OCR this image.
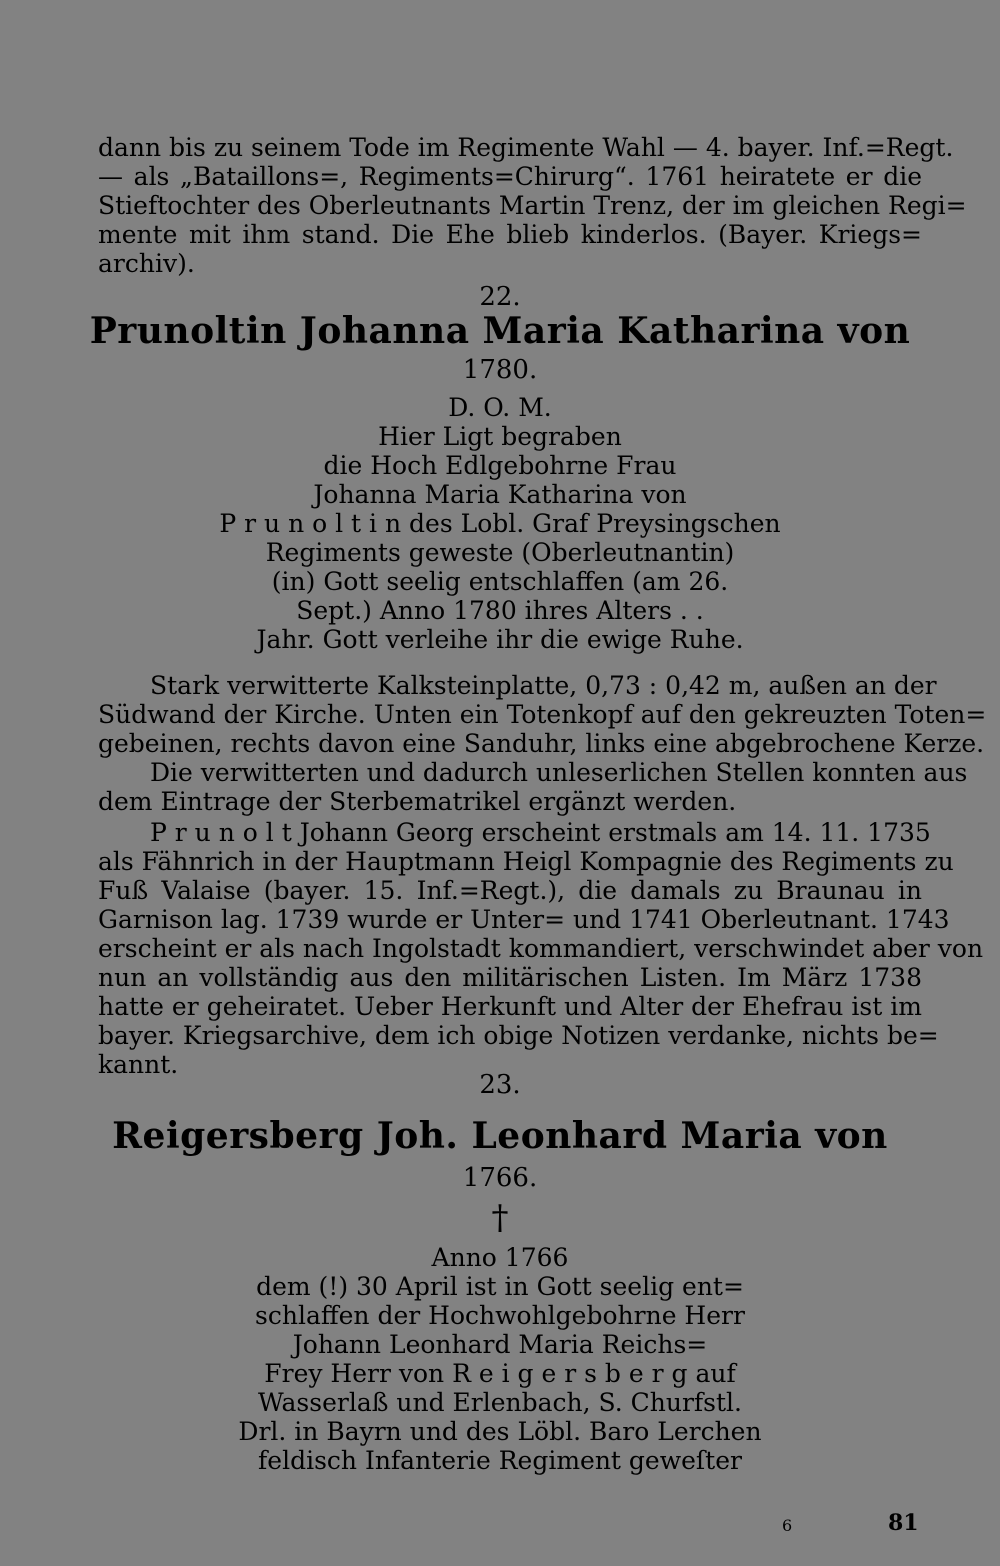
dann bis zu seinem Tode im Regimente Wahl — 4. bayer. Inf.=Regt.
— als „Bataillons=, Regiments=Chirurg“. 1761 heiratete er die
Stieftochter des Oberleutnants Martin Trenz, der im gleichen Regi=
mente mit ihm stand. Die Ehe blieb kinderlos. (Bayer. Kriegs=
archiv).
22.
Prunoltin Johanna Maria Katharina von
1780.
D. O. M.
Hier Ligt begraben
die Hoch Edlgebohrne Frau
Johanna Maria Katharina von
P r u n o l t i n des Lobl. Graf Preysingschen
Regiments geweste (Oberleutnantin)
(in) Gott seelig entschlaffen (am 26.
Sept.) Anno 1780 ihres Alters . .
Jahr. Gott verleihe ihr die ewige Ruhe.
Stark verwitterte Kalksteinplatte, 0,73 : 0,42 m, außen an der
Südwand der Kirche. Unten ein Totenkopf auf den gekreuzten Toten=
gebeinen, rechts davon eine Sanduhr, links eine abgebrochene Kerze.
Die verwitterten und dadurch unleserlichen Stellen konnten aus
dem Eintrage der Sterbematrikel ergänzt werden.
P r u n o l t Johann Georg erscheint erstmals am 14. 11. 1735
als Fähnrich in der Hauptmann Heigl Kompagnie des Regiments zu
Fuß Valaise (bayer. 15. Inf.=Regt.), die damals zu Braunau in
Garnison lag. 1739 wurde er Unter= und 1741 Oberleutnant. 1743
erscheint er als nach Ingolstadt kommandiert, verschwindet aber von
nun an vollständig aus den militärischen Listen. Im März 1738
hatte er geheiratet. Ueber Herkunft und Alter der Ehefrau ist im
bayer. Kriegsarchive, dem ich obige Notizen verdanke, nichts be=
kannt.
23.
Reigersberg Joh. Leonhard Maria von
1766.
†
Anno 1766
dem (!) 30 April ist in Gott seelig ent=
schlaffen der Hochwohlgebohrne Herr
Johann Leonhard Maria Reichs=
Frey Herr von R e i g e r s b e r g auf
Wasserlaß und Erlenbach, S. Churfstl.
Drl. in Bayrn und des Löbl. Baro Lerchen
feldisch Infanterie Regiment geweſter
6	81
